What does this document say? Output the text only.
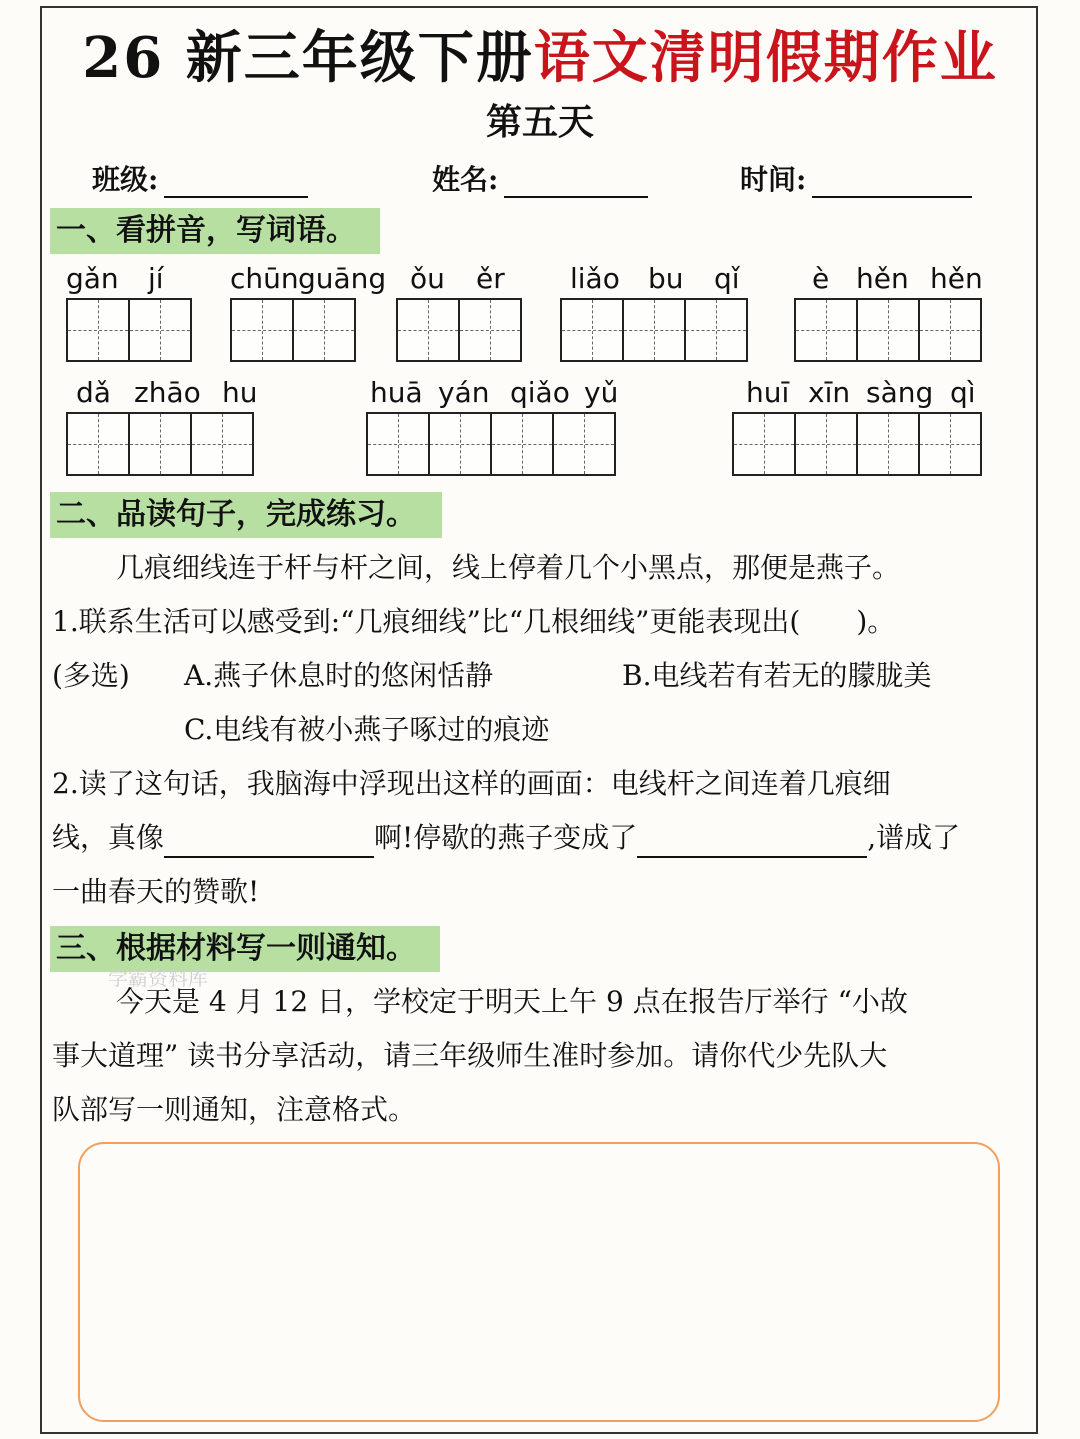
26 新三年级下册语文清明假期作业
第五天
班级:	姓名:	时间:
一、看拼音，写词语。
gǎn jí chūn guāng ǒu ěr liǎo bu qǐ	è hěn hěn
dǎ zhāo hu	huā yán qiǎo yǔ	huī xīn sàng qì
二、品读句子，完成练习。
几痕细线连于杆与杆之间，线上停着几个小黑点，那便是燕子。
1.联系生活可以感受到:“几痕细线”比“几根细线”更能表现出(　　)。
(多选) A.燕子休息时的悠闲恬静	B.电线若有若无的朦胧美
C.电线有被小燕子啄过的痕迹
2.读了这句话，我脑海中浮现出这样的画面：电线杆之间连着几痕细
线，真像	啊!停歇的燕子变成了	,谱成了
一曲春天的赞歌!
三、根据材料写一则通知。
学霸资料库
今天是 4 月 12 日，学校定于明天上午 9 点在报告厅举行 “小故
事大道理” 读书分享活动，请三年级师生准时参加。请你代少先队大
队部写一则通知，注意格式。
